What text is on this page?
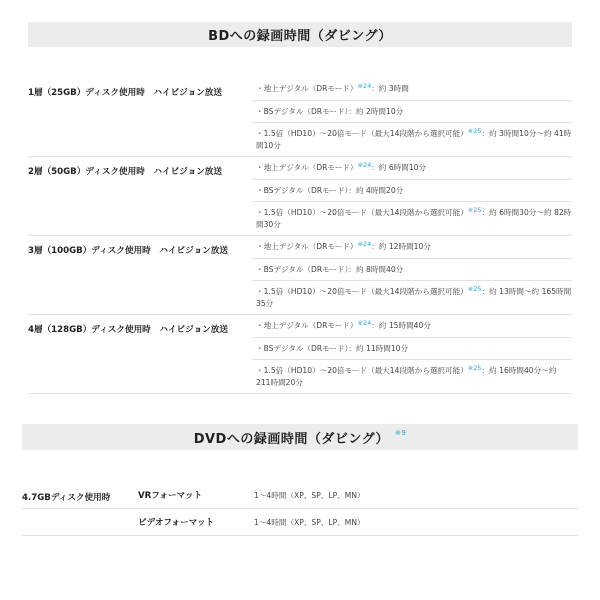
BDへの録画時間（ダビング）
1層（25GB）ディスク使用時　ハイビジョン放送	・地上デジタル（DRモード）※24：約 3時間
・BSデジタル（DRモード）：約 2時間10分
・1.5倍（HD10）～20倍モード（最大14段階から選択可能）※25：約 3時間10分～約 41時間10分
2層（50GB）ディスク使用時　ハイビジョン放送	・地上デジタル（DRモード）※24：約 6時間10分
・BSデジタル（DRモード）：約 4時間20分
・1.5倍（HD10）～20倍モード（最大14段階から選択可能）※25：約 6時間30分～約 82時間30分
3層（100GB）ディスク使用時　ハイビジョン放送	・地上デジタル（DRモード）※24：約 12時間10分
・BSデジタル（DRモード）：約 8時間40分
・1.5倍（HD10）～20倍モード（最大14段階から選択可能）※25：約 13時間～約 165時間35分
4層（128GB）ディスク使用時　ハイビジョン放送	・地上デジタル（DRモード）※24：約 15時間40分
・BSデジタル（DRモード）：約 11時間10分
・1.5倍（HD10）～20倍モード（最大14段階から選択可能）※25：約 16時間40分～約 211時間20分
DVDへの録画時間（ダビング） ※9
4.7GBディスク使用時	VRフォーマット	1～4時間（XP、SP、LP、MN）
ビデオフォーマット	1～4時間（XP、SP、LP、MN）
